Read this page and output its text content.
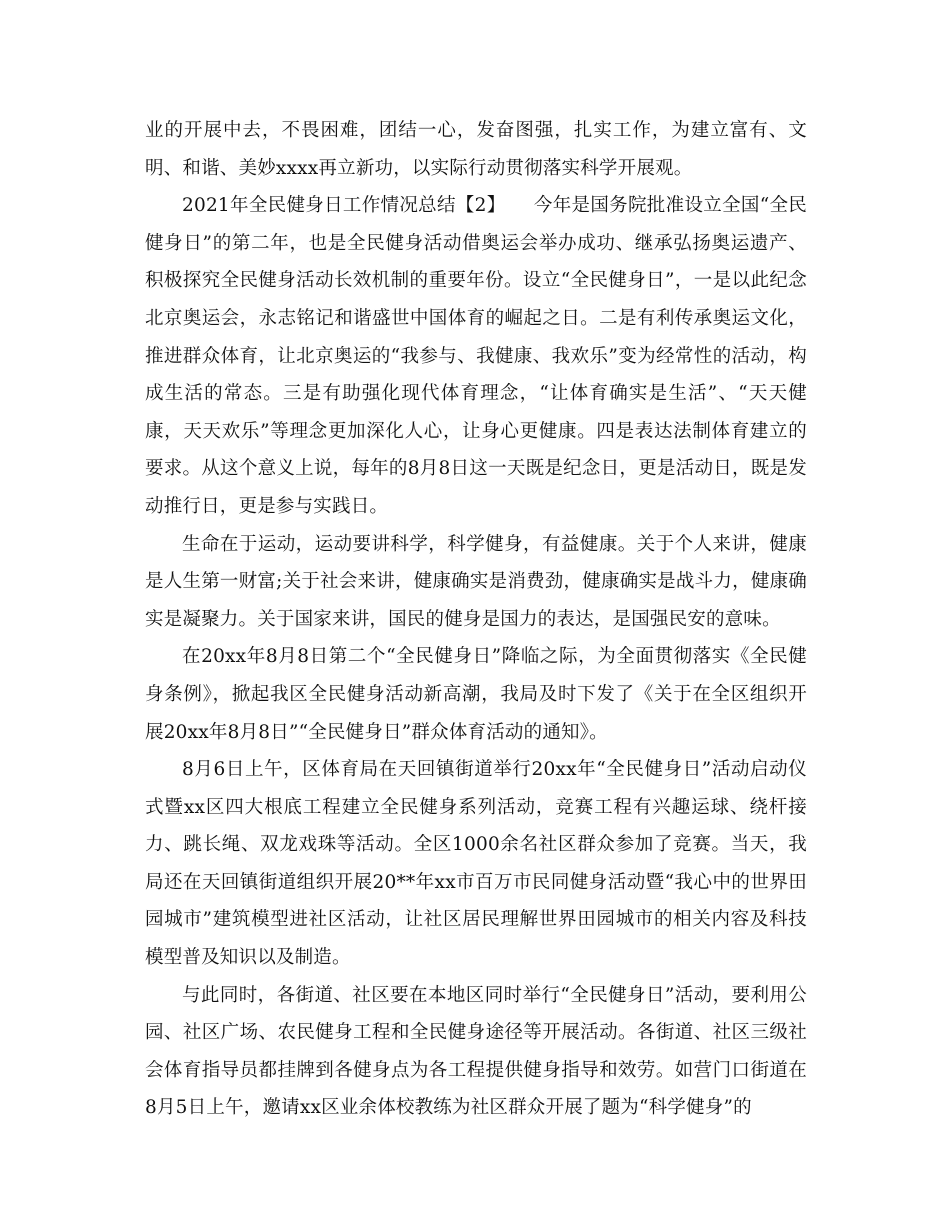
业的开展中去，不畏困难，团结一心，发奋图强，扎实工作，为建立富有、文明、和谐、美妙xxxx再立新功，以实际行动贯彻落实科学开展观。

2021年全民健身日工作情况总结【2】　　今年是国务院批准设立全国“全民健身日”的第二年，也是全民健身活动借奥运会举办成功、继承弘扬奥运遗产、积极探究全民健身活动长效机制的重要年份。设立“全民健身日”，一是以此纪念北京奥运会，永志铭记和谐盛世中国体育的崛起之日。二是有利传承奥运文化，推进群众体育，让北京奥运的“我参与、我健康、我欢乐”变为经常性的活动，构成生活的常态。三是有助强化现代体育理念，“让体育确实是生活”、“天天健康，天天欢乐”等理念更加深化人心，让身心更健康。四是表达法制体育建立的要求。从这个意义上说，每年的8月8日这一天既是纪念日，更是活动日，既是发动推行日，更是参与实践日。

生命在于运动，运动要讲科学，科学健身，有益健康。关于个人来讲，健康是人生第一财富;关于社会来讲，健康确实是消费劲，健康确实是战斗力，健康确实是凝聚力。关于国家来讲，国民的健身是国力的表达，是国强民安的意味。

在20xx年8月8日第二个“全民健身日”降临之际，为全面贯彻落实《全民健身条例》，掀起我区全民健身活动新高潮，我局及时下发了《关于在全区组织开展20xx年8月8日”“全民健身日”群众体育活动的通知》。

8月6日上午，区体育局在天回镇街道举行20xx年“全民健身日”活动启动仪式暨xx区四大根底工程建立全民健身系列活动，竞赛工程有兴趣运球、绕杆接力、跳长绳、双龙戏珠等活动。全区1000余名社区群众参加了竞赛。当天，我局还在天回镇街道组织开展20**年xx市百万市民同健身活动暨“我心中的世界田园城市”建筑模型进社区活动，让社区居民理解世界田园城市的相关内容及科技模型普及知识以及制造。

与此同时，各街道、社区要在本地区同时举行“全民健身日”活动，要利用公园、社区广场、农民健身工程和全民健身途径等开展活动。各街道、社区三级社会体育指导员都挂牌到各健身点为各工程提供健身指导和效劳。如营门口街道在8月5日上午，邀请xx区业余体校教练为社区群众开展了题为“科学健身”的
